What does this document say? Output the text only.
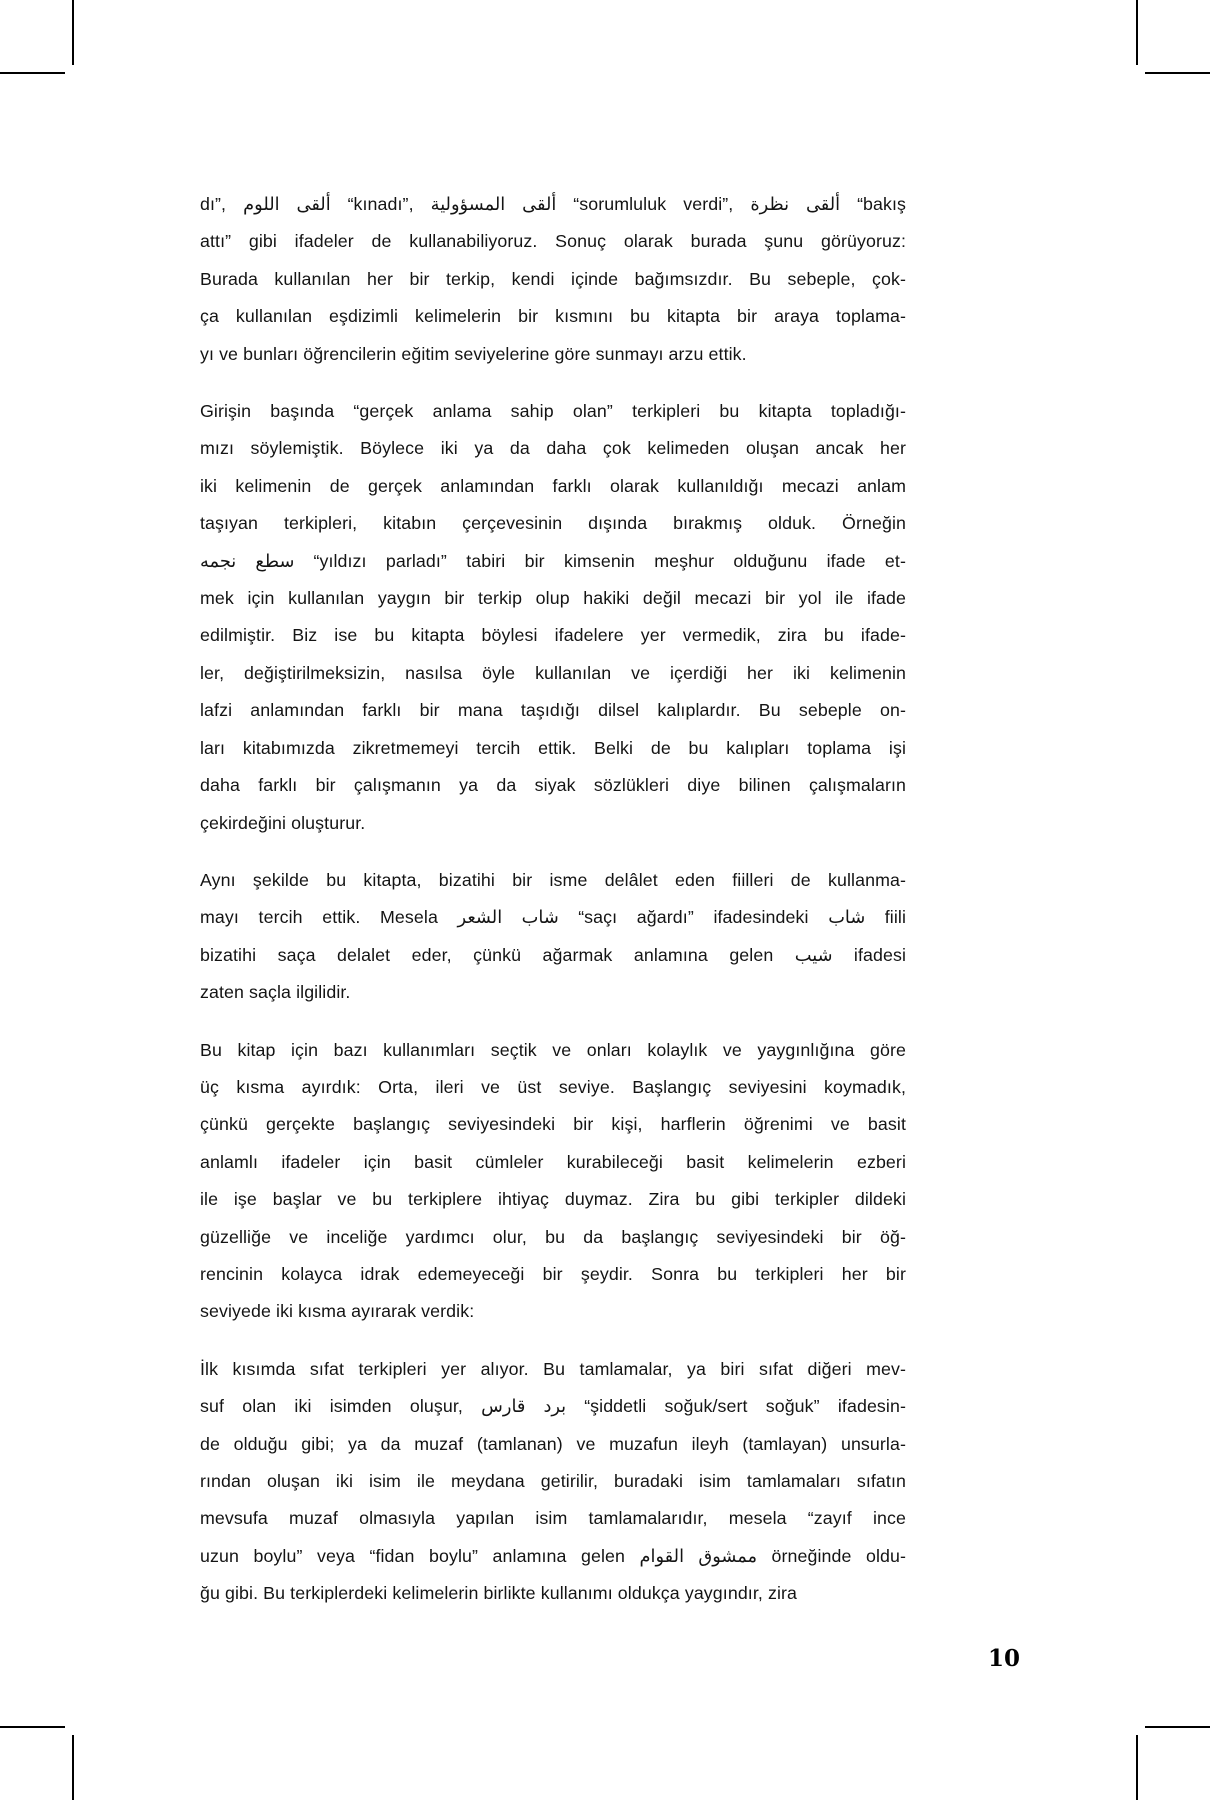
dı”, ألقى اللوم “kınadı”, ألقى المسؤولية “sorumluluk verdi”, ألقى نظرة “bakış
attı” gibi ifadeler de kullanabiliyoruz. Sonuç olarak burada şunu görüyoruz:
Burada kullanılan her bir terkip, kendi içinde bağımsızdır. Bu sebeple, çok-
ça kullanılan eşdizimli kelimelerin bir kısmını bu kitapta bir araya toplama-
yı ve bunları öğrencilerin eğitim seviyelerine göre sunmayı arzu ettik.
Girişin başında “gerçek anlama sahip olan” terkipleri bu kitapta topladığı-
mızı söylemiştik. Böylece iki ya da daha çok kelimeden oluşan ancak her
iki kelimenin de gerçek anlamından farklı olarak kullanıldığı mecazi anlam
taşıyan terkipleri, kitabın çerçevesinin dışında bırakmış olduk. Örneğin
سطع نجمه “yıldızı parladı” tabiri bir kimsenin meşhur olduğunu ifade et-
mek için kullanılan yaygın bir terkip olup hakiki değil mecazi bir yol ile ifade
edilmiştir. Biz ise bu kitapta böylesi ifadelere yer vermedik, zira bu ifade-
ler, değiştirilmeksizin, nasılsa öyle kullanılan ve içerdiği her iki kelimenin
lafzi anlamından farklı bir mana taşıdığı dilsel kalıplardır. Bu sebeple on-
ları kitabımızda zikretmemeyi tercih ettik. Belki de bu kalıpları toplama işi
daha farklı bir çalışmanın ya da siyak sözlükleri diye bilinen çalışmaların
çekirdeğini oluşturur.
Aynı şekilde bu kitapta, bizatihi bir isme delâlet eden fiilleri de kullanma-
mayı tercih ettik. Mesela شاب الشعر “saçı ağardı” ifadesindeki شاب fiili
bizatihi saça delalet eder, çünkü ağarmak anlamına gelen شيب ifadesi
zaten saçla ilgilidir.
Bu kitap için bazı kullanımları seçtik ve onları kolaylık ve yaygınlığına göre
üç kısma ayırdık: Orta, ileri ve üst seviye. Başlangıç seviyesini koymadık,
çünkü gerçekte başlangıç seviyesindeki bir kişi, harflerin öğrenimi ve basit
anlamlı ifadeler için basit cümleler kurabileceği basit kelimelerin ezberi
ile işe başlar ve bu terkiplere ihtiyaç duymaz. Zira bu gibi terkipler dildeki
güzelliğe ve inceliğe yardımcı olur, bu da başlangıç seviyesindeki bir öğ-
rencinin kolayca idrak edemeyeceği bir şeydir. Sonra bu terkipleri her bir
seviyede iki kısma ayırarak verdik:
İlk kısımda sıfat terkipleri yer alıyor. Bu tamlamalar, ya biri sıfat diğeri mev-
suf olan iki isimden oluşur, برد قارس “şiddetli soğuk/sert soğuk” ifadesin-
de olduğu gibi; ya da muzaf (tamlanan) ve muzafun ileyh (tamlayan) unsurla-
rından oluşan iki isim ile meydana getirilir, buradaki isim tamlamaları sıfatın
mevsufa muzaf olmasıyla yapılan isim tamlamalarıdır, mesela “zayıf ince
uzun boylu” veya “fidan boylu” anlamına gelen ممشوق القوام örneğinde oldu-
ğu gibi. Bu terkiplerdeki kelimelerin birlikte kullanımı oldukça yaygındır, zira
10
